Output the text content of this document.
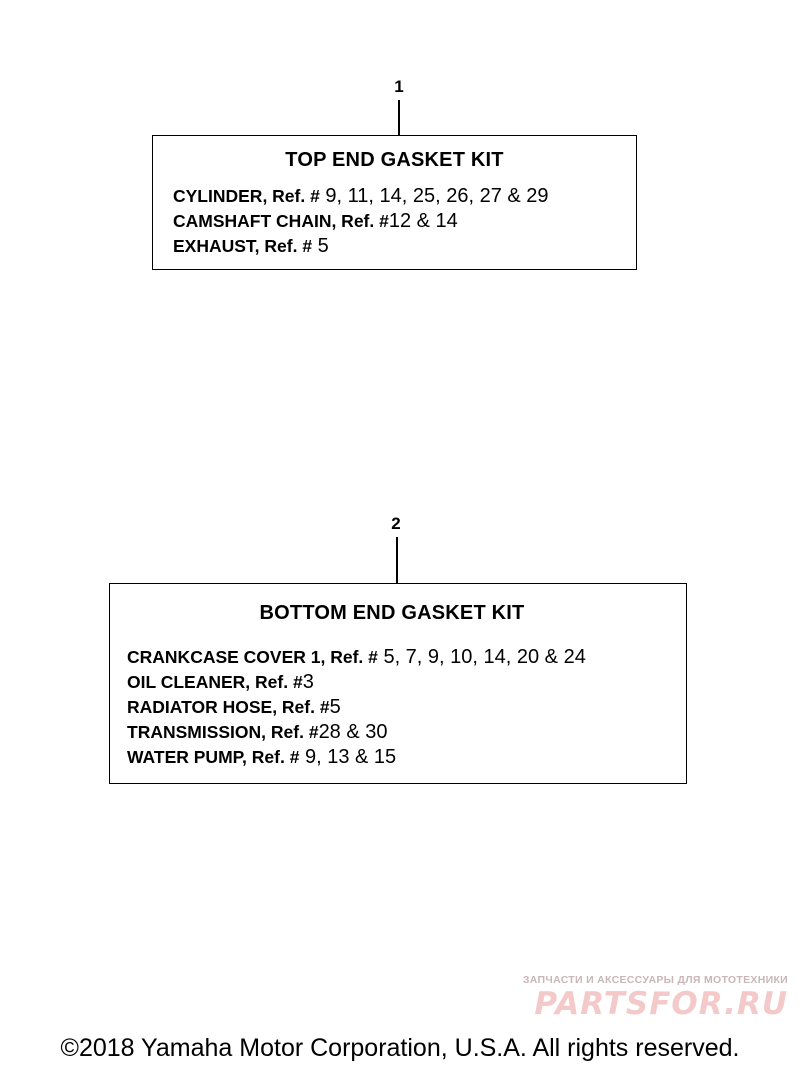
1
TOP END GASKET KIT
CYLINDER, Ref. # 9, 11, 14, 25, 26, 27 & 29
CAMSHAFT CHAIN, Ref. #12 & 14
EXHAUST, Ref. # 5
2
BOTTOM END GASKET KIT
CRANKCASE COVER 1, Ref. # 5, 7, 9, 10, 14, 20 & 24
OIL CLEANER, Ref. #3
RADIATOR HOSE, Ref. #5
TRANSMISSION, Ref. #28 & 30
WATER PUMP, Ref. # 9, 13 & 15
ЗАПЧАСТИ И АКСЕССУАРЫ ДЛЯ МОТОТЕХНИКИ
PARTSFOR.RU
©2018 Yamaha Motor Corporation, U.S.A. All rights reserved.
